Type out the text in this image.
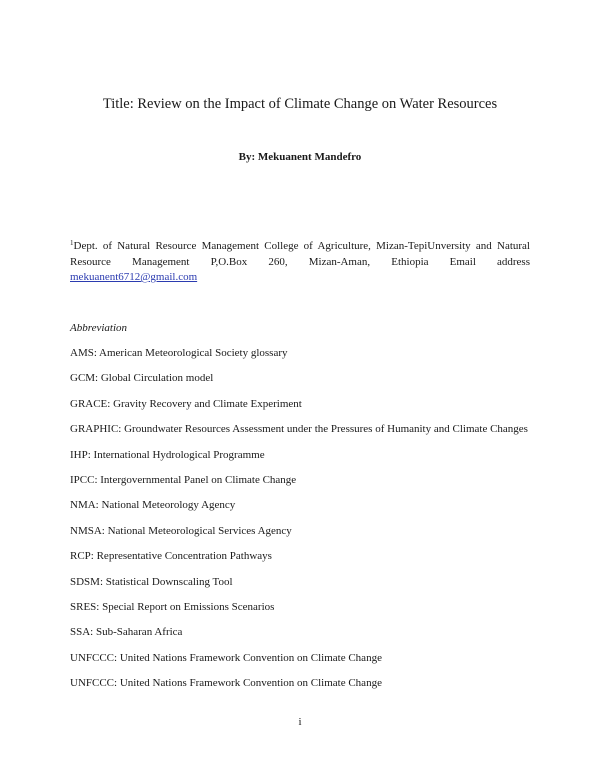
Title: Review on the Impact of Climate Change on Water Resources
By: Mekuanent Mandefro
$^1$Dept. of Natural Resource Management College of Agriculture, Mizan-TepiUnversity and Natural Resource Management P,O.Box 260, Mizan-Aman, Ethiopia Email address mekuanent6712@gmail.com
Abbreviation
AMS: American Meteorological Society glossary
GCM: Global Circulation model
GRACE: Gravity Recovery and Climate Experiment
GRAPHIC: Groundwater Resources Assessment under the Pressures of Humanity and Climate Changes
IHP: International Hydrological Programme
IPCC: Intergovernmental Panel on Climate Change
NMA: National Meteorology Agency
NMSA: National Meteorological Services Agency
RCP: Representative Concentration Pathways
SDSM: Statistical Downscaling Tool
SRES: Special Report on Emissions Scenarios
SSA: Sub-Saharan Africa
UNFCCC: United Nations Framework Convention on Climate Change
UNFCCC: United Nations Framework Convention on Climate Change
i
